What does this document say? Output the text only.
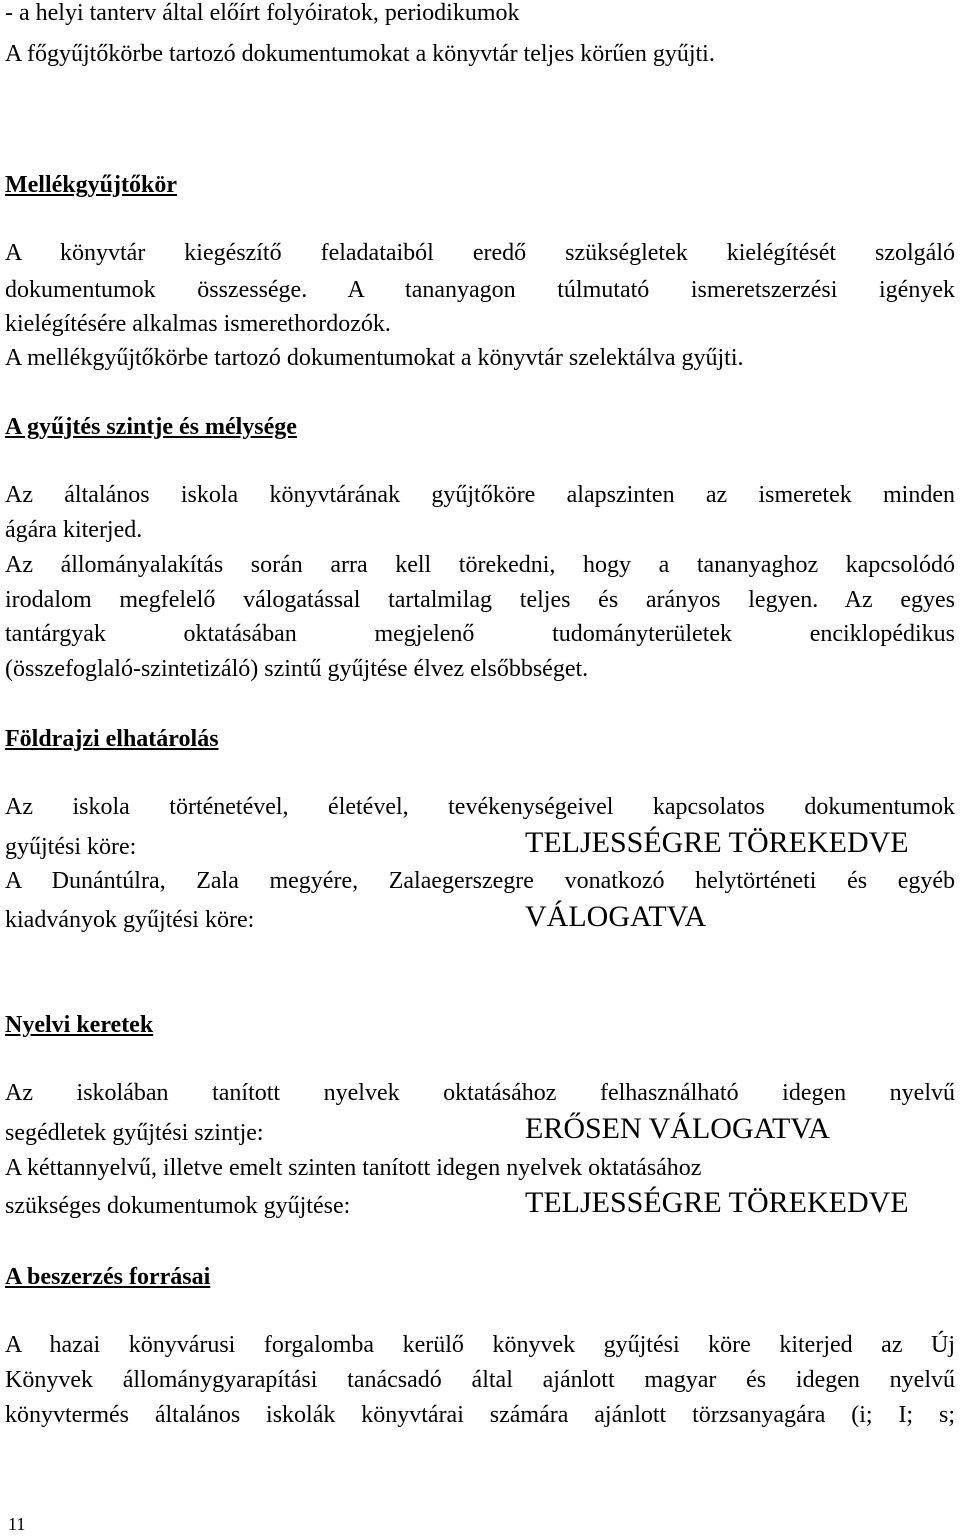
- a helyi tanterv által előírt folyóiratok, periodikumok
A főgyűjtőkörbe tartozó dokumentumokat a könyvtár teljes körűen gyűjti.
Mellékgyűjtőkör
A könyvtár kiegészítő feladataiból eredő szükségletek kielégítését szolgáló
dokumentumok összessége. A tananyagon túlmutató ismeretszerzési igények
kielégítésére alkalmas ismerethordozók.
A mellékgyűjtőkörbe tartozó dokumentumokat a könyvtár szelektálva gyűjti.
A gyűjtés szintje és mélysége
Az általános iskola könyvtárának gyűjtőköre alapszinten az ismeretek minden
ágára kiterjed.
Az állományalakítás során arra kell törekedni, hogy a tananyaghoz kapcsolódó
irodalom megfelelő válogatással tartalmilag teljes és arányos legyen. Az egyes
tantárgyak oktatásában megjelenő tudományterületek enciklopédikus
(összefoglaló-szintetizáló) szintű gyűjtése élvez elsőbbséget.
Földrajzi elhatárolás
Az iskola történetével, életével, tevékenységeivel kapcsolatos dokumentumok
gyűjtési köre:	TELJESSÉGRE TÖREKEDVE
A Dunántúlra, Zala megyére, Zalaegerszegre vonatkozó helytörténeti és egyéb
kiadványok gyűjtési köre:	VÁLOGATVA
Nyelvi keretek
Az iskolában tanított nyelvek oktatásához felhasználható idegen nyelvű
segédletek gyűjtési szintje:	ERŐSEN VÁLOGATVA
A kéttannyelvű, illetve emelt szinten tanított idegen nyelvek oktatásához
szükséges dokumentumok gyűjtése:	TELJESSÉGRE TÖREKEDVE
A beszerzés forrásai
A hazai könyvárusi forgalomba kerülő könyvek gyűjtési köre kiterjed az Új
Könyvek állománygyarapítási tanácsadó által ajánlott magyar és idegen nyelvű
könyvtermés általános iskolák könyvtárai számára ajánlott törzsanyagára (i; I; s;
11
